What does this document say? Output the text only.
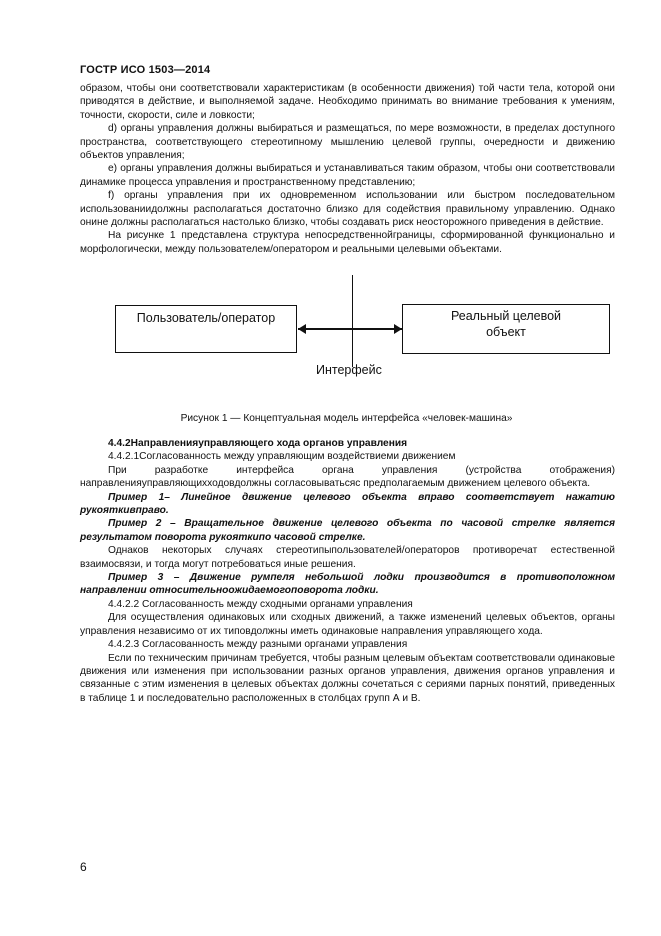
ГОСТР ИСО 1503—2014

образом, чтобы они соответствовали характеристикам (в особенности движения) той части тела, которой они приводятся в действие, и выполняемой задаче. Необходимо принимать во внимание требования к умениям, точности, скорости, силе и ловкости;

d) органы управления должны выбираться и размещаться, по мере возможности, в пределах доступного пространства, соответствующего стереотипному мышлению целевой группы, очередности и движению объектов управления;

e) органы управления должны выбираться и устанавливаться таким образом, чтобы они соответствовали динамике процесса управления и пространственному представлению;

f) органы управления при их одновременном использовании или быстром последовательном использованиидолжны располагаться достаточно близко для содействия правильному управлению. Однако онине должны располагаться настолько близко, чтобы создавать риск неосторожного приведения в действие.

На рисунке 1 представлена структура непосредственнойграницы, сформированной функционально и морфологически, между пользователем/оператором и реальными целевыми объектами.

Пользователь/оператор	Реальный целевой объект
Интерфейс
Рисунок 1 — Концептуальная модель интерфейса «человек-машина»

4.4.2Направленияуправляющего хода органов управления

4.4.2.1Согласованность между управляющим воздействиеми движением

При разработке интерфейса органа управления (устройства отображения) направленияуправляющихходовдолжны согласовыватьсяс предполагаемым движением целевого объекта.

Пример 1– Линейное движение целевого объекта вправо соответствует нажатию рукояткивправо.

Пример 2 – Вращательное движение целевого объекта по часовой стрелке является результатом поворота рукояткипо часовой стрелке.

Однаков некоторых случаях стереотипыпользователей/операторов противоречат естественной взаимосвязи, и тогда могут потребоваться иные решения.

Пример 3 – Движение румпеля небольшой лодки производится в противоположном направлении относительноожидаемогоповорота лодки.

4.4.2.2 Согласованность между сходными органами управления

Для осуществления одинаковых или сходных движений, а также изменений целевых объектов, органы управления независимо от их типовдолжны иметь одинаковые направления управляющего хода.

4.4.2.3 Согласованность между разными органами управления

Если по техническим причинам требуется, чтобы разным целевым объектам соответствовали одинаковые движения или изменения при использовании разных органов управления, движения органов управления и связанные с этим изменения в целевых объектах должны сочетаться с сериями парных понятий, приведенных в таблице 1 и последовательно расположенных в столбцах групп А и В.

6
